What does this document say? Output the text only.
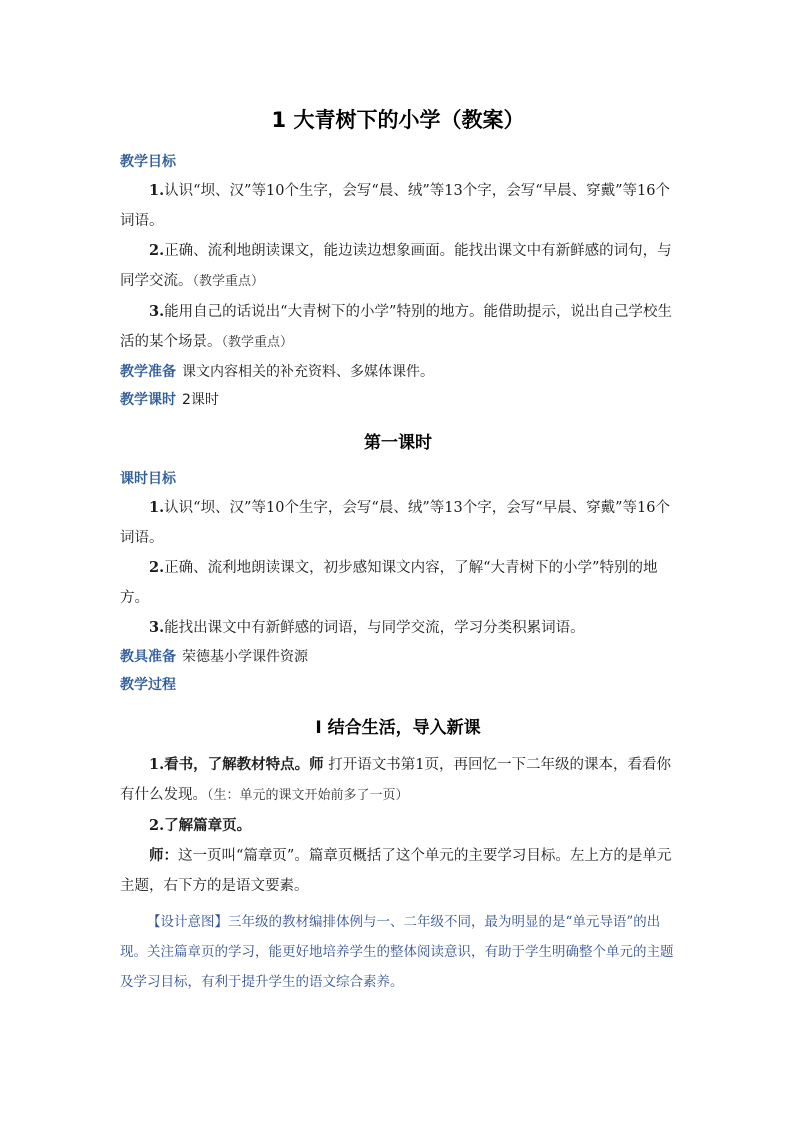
1 大青树下的小学（教案）

教学目标

1.认识“坝、汉”等10个生字，会写“晨、绒”等13个字，会写“早晨、穿戴”等16个词语。

2.正确、流利地朗读课文，能边读边想象画面。能找出课文中有新鲜感的词句，与同学交流。（教学重点）

3.能用自己的话说出“大青树下的小学”特别的地方。能借助提示，说出自己学校生活的某个场景。（教学重点）

教学准备 课文内容相关的补充资料、多媒体课件。

教学课时 2课时

第一课时

课时目标

1.认识“坝、汉”等10个生字，会写“晨、绒”等13个字，会写“早晨、穿戴”等16个词语。

2.正确、流利地朗读课文，初步感知课文内容，了解“大青树下的小学”特别的地方。

3.能找出课文中有新鲜感的词语，与同学交流，学习分类积累词语。

教具准备 荣德基小学课件资源

教学过程

Ⅰ 结合生活，导入新课

1.看书，了解教材特点。师 打开语文书第1页，再回忆一下二年级的课本，看看你有什么发现。（生：单元的课文开始前多了一页）

2.了解篇章页。

师：这一页叫“篇章页”。篇章页概括了这个单元的主要学习目标。左上方的是单元主题，右下方的是语文要素。

【设计意图】三年级的教材编排体例与一、二年级不同，最为明显的是“单元导语”的出现。关注篇章页的学习，能更好地培养学生的整体阅读意识，有助于学生明确整个单元的主题及学习目标，有利于提升学生的语文综合素养。
